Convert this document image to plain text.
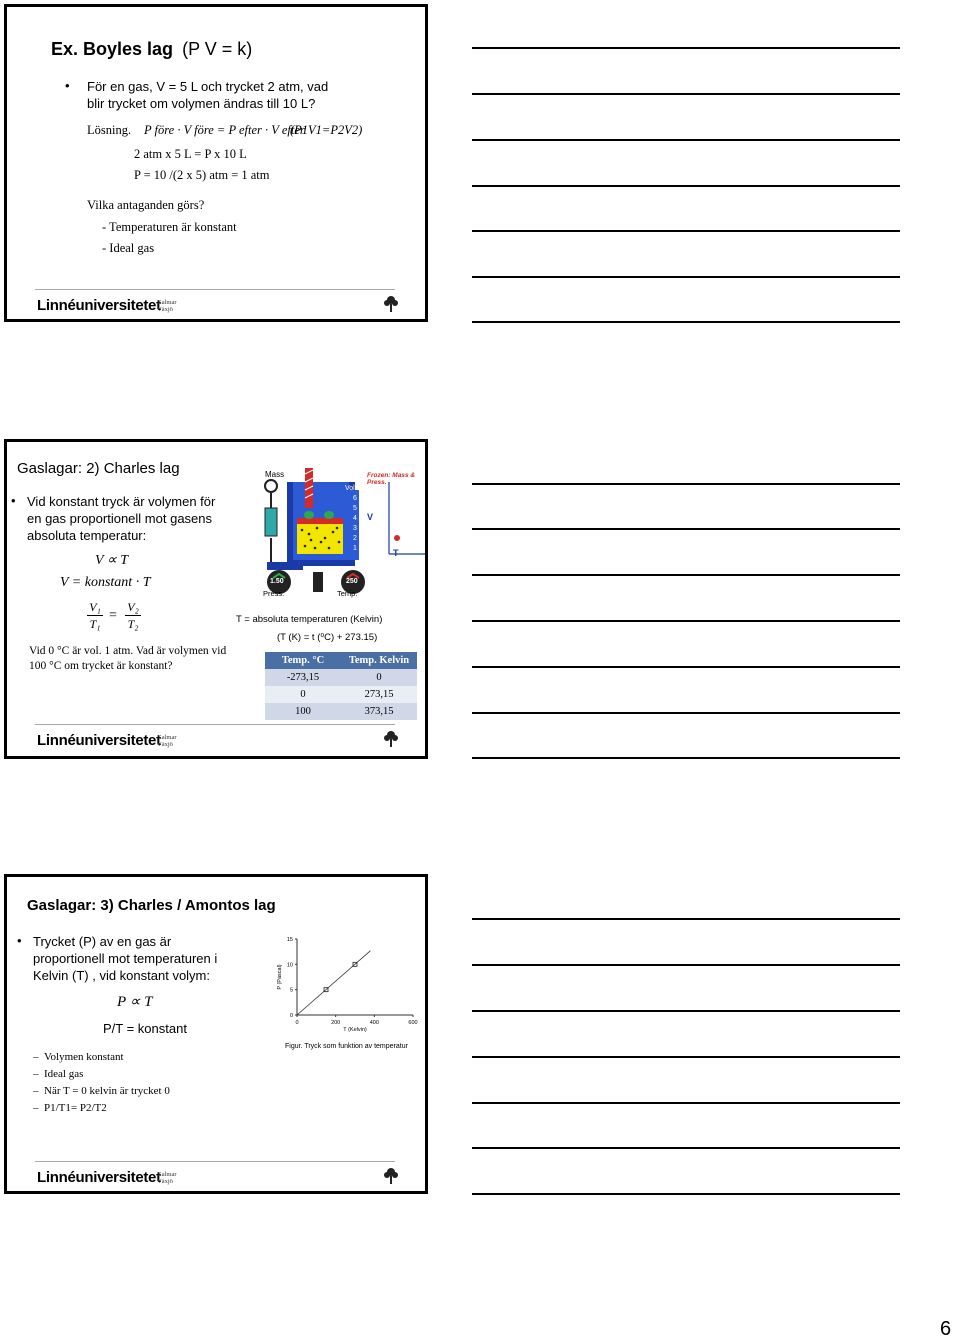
Ex. Boyles lag (P V = k)
• För en gas, V = 5 L och trycket 2 atm, vad
blir trycket om volymen ändras till 10 L?
Lösning. P före · V före = P efter · V efter
(P1V1=P2V2)
2 atm x 5 L = P x 10 L
P = 10 /(2 x 5) atm = 1 atm
Vilka antaganden görs?
- Temperaturen är konstant
- Ideal gas
Linnéuniversitetet
Kalmar
Växjö
Gaslagar: 2) Charles lag
• Vid konstant tryck är volymen för
en gas proportionell mot gasens
absoluta temperatur:
V ∝ T
V = konstant · T
V₁
T₁
=
V₂
T₂
Vid 0 °C är vol. 1 atm. Vad är volymen vid
100 °C om trycket är konstant?
Mass	Frozen: Mass & Press.
Vol.
6
5
4
3
2
1
1.50
Press.
250
Temp.
V
T
T = absoluta temperaturen (Kelvin)
(T (K) = t (⁰C) + 273.15)
Temp. °C	Temp. Kelvin
-273,15	0
0	273,15
100	373,15
Linnéuniversitetet
Kalmar
Växjö
Gaslagar: 3) Charles / Amontos lag
• Trycket (P) av en gas är
proportionell mot temperaturen i
Kelvin (T) , vid konstant volym:
P ∝ T
P/T = konstant
–  Volymen konstant
–  Ideal gas
–  När T = 0 kelvin är trycket 0
–  P1/T1= P2/T2
0	200	400	600
0
5
10
15
T (Kelvin)
P (Pascal)
Figur. Tryck som funktion av temperatur
Linnéuniversitetet
Kalmar
Växjö
6
